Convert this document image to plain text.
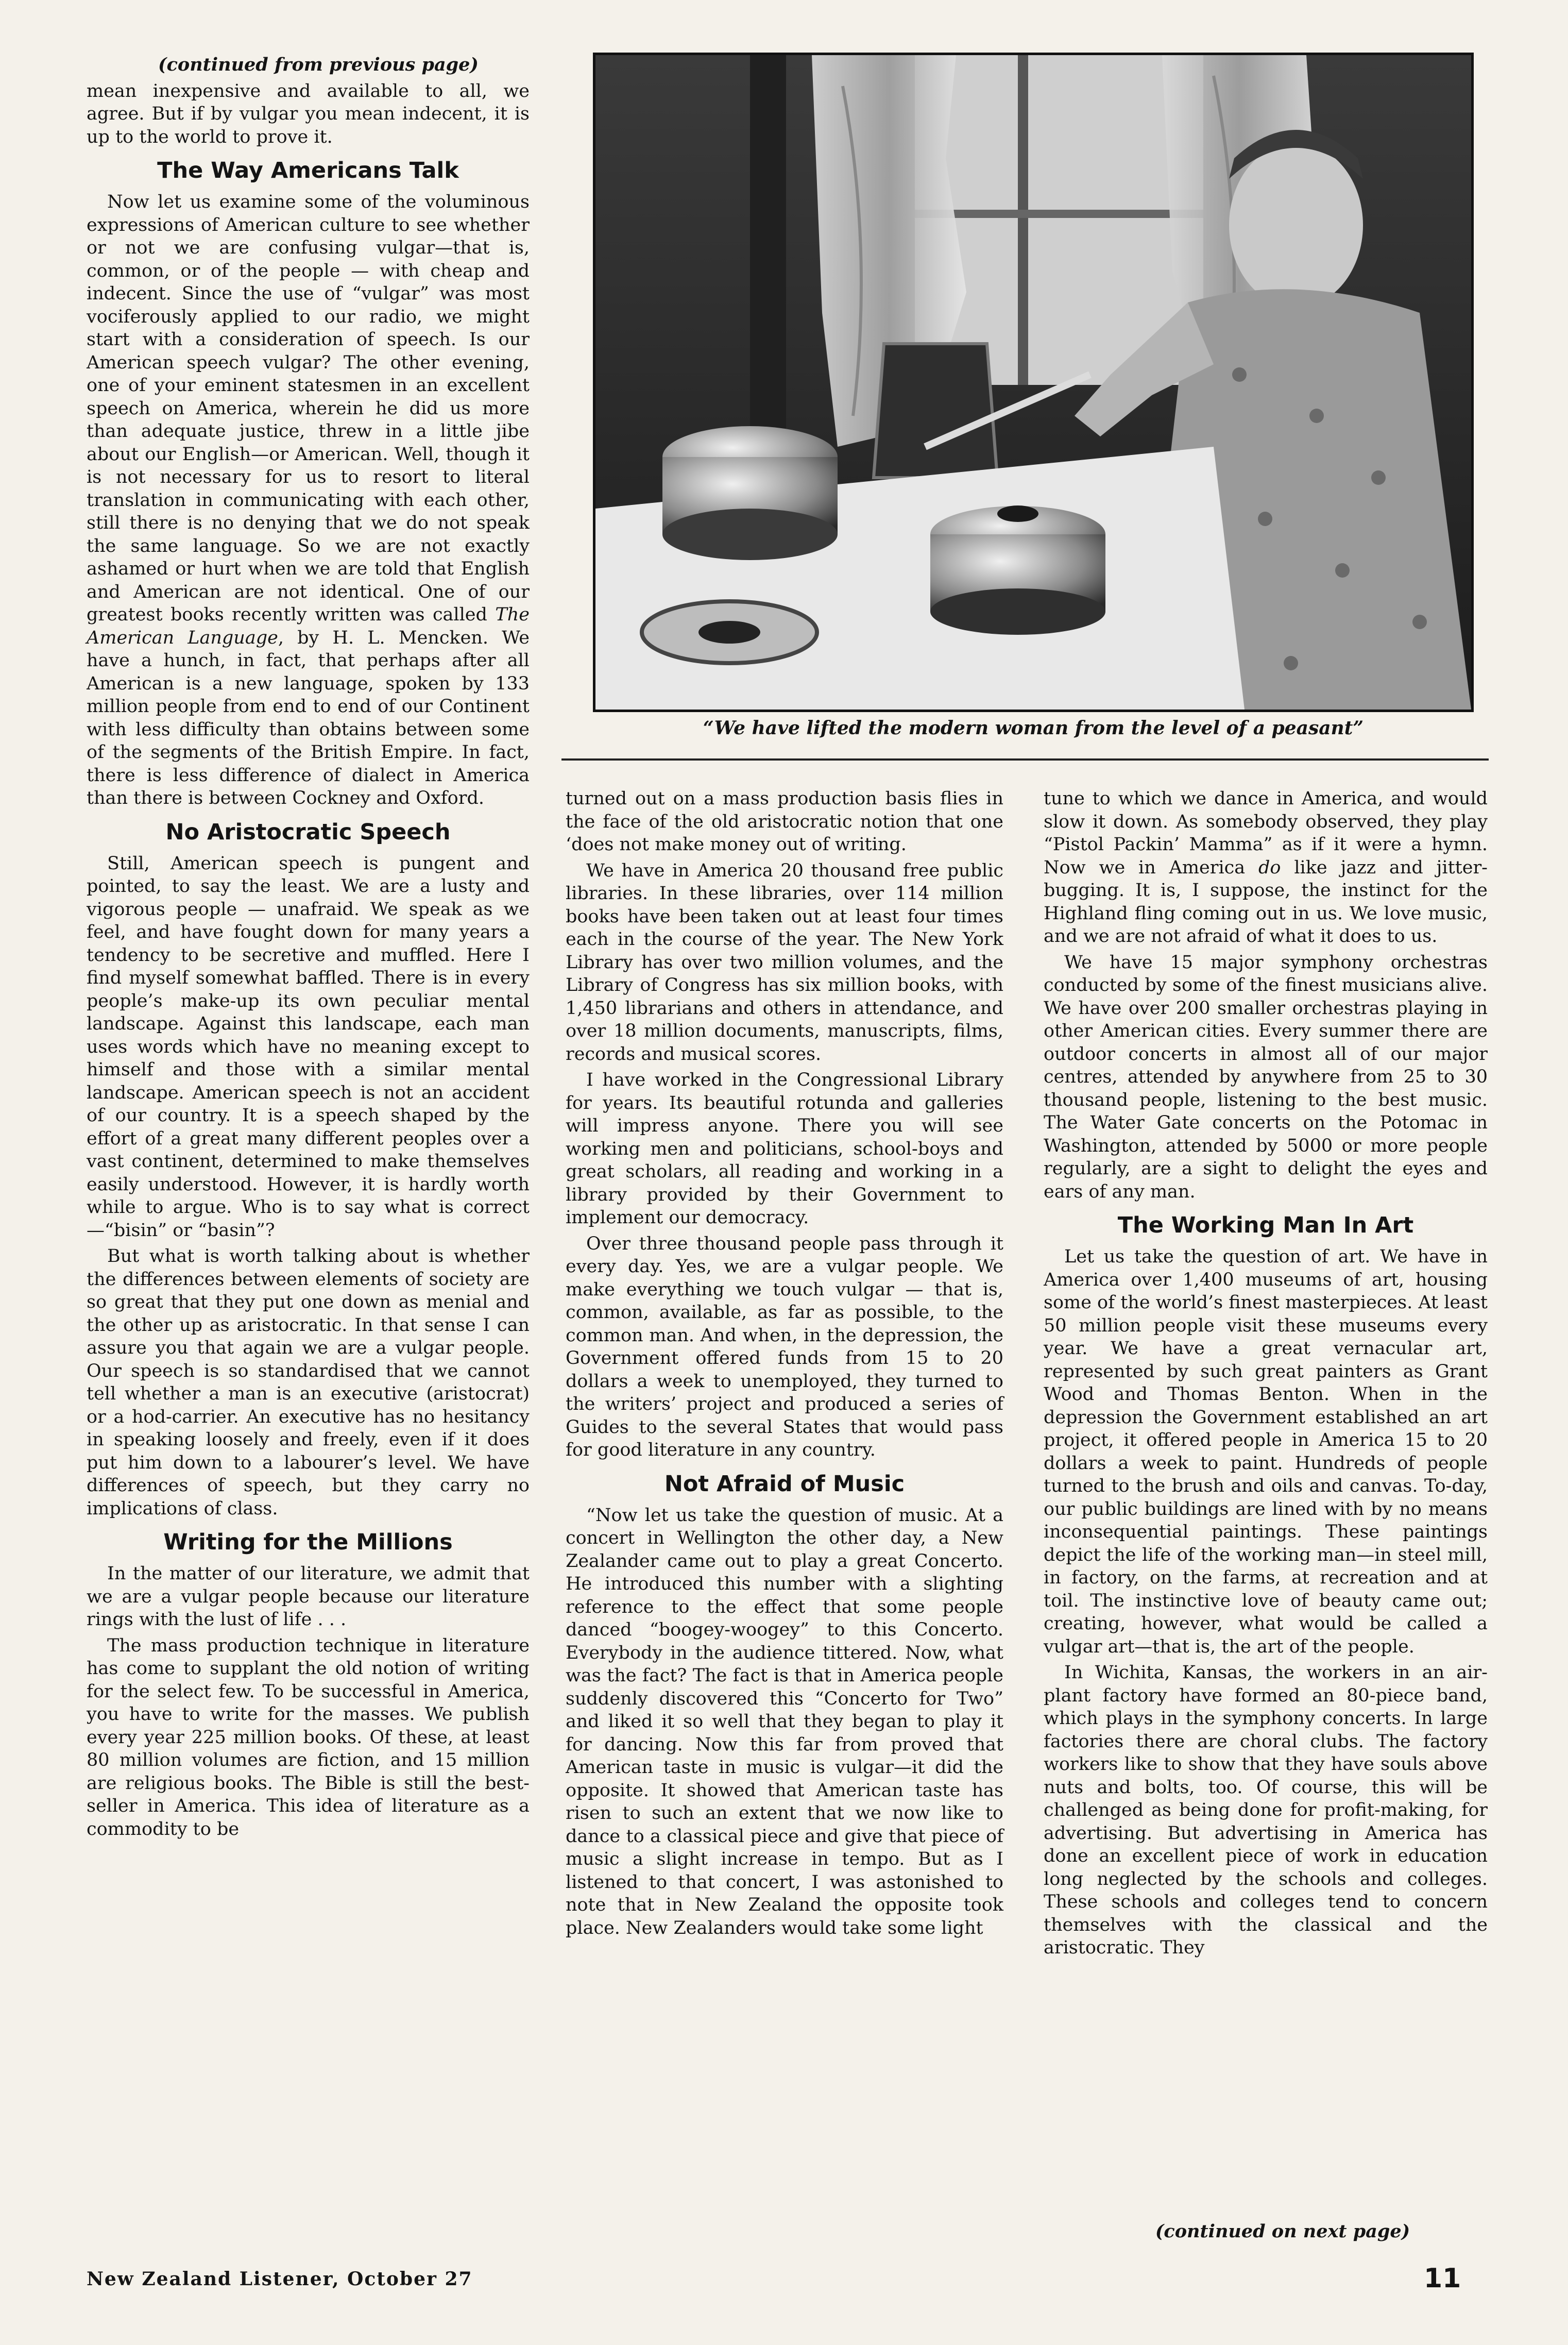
(continued from previous page)

mean inexpensive and available to all, we agree. But if by vulgar you mean indecent, it is up to the world to prove it.

The Way Americans Talk

Now let us examine some of the voluminous expressions of American culture to see whether or not we are confusing vulgar—that is, common, or of the people — with cheap and indecent. Since the use of “vulgar” was most vociferously applied to our radio, we might start with a consideration of speech. Is our American speech vulgar? The other evening, one of your eminent statesmen in an excellent speech on America, wherein he did us more than adequate justice, threw in a little jibe about our English—or American. Well, though it is not necessary for us to resort to literal translation in communicating with each other, still there is no denying that we do not speak the same language. So we are not exactly ashamed or hurt when we are told that English and American are not identical. One of our greatest books recently written was called The American Language, by H. L. Mencken. We have a hunch, in fact, that perhaps after all American is a new language, spoken by 133 million people from end to end of our Continent with less difficulty than obtains between some of the segments of the British Empire. In fact, there is less difference of dialect in America than there is between Cockney and Oxford.

No Aristocratic Speech

Still, American speech is pungent and pointed, to say the least. We are a lusty and vigorous people — unafraid. We speak as we feel, and have fought down for many years a tendency to be secretive and muffled. Here I find myself somewhat baffled. There is in every people’s make-up its own peculiar mental landscape. Against this landscape, each man uses words which have no meaning except to himself and those with a similar mental landscape. American speech is not an accident of our country. It is a speech shaped by the effort of a great many different peoples over a vast continent, determined to make themselves easily understood. However, it is hardly worth while to argue. Who is to say what is correct—“bisin” or “basin”?

But what is worth talking about is whether the differences between elements of society are so great that they put one down as menial and the other up as aristocratic. In that sense I can assure you that again we are a vulgar people. Our speech is so standardised that we cannot tell whether a man is an executive (aristocrat) or a hod-carrier. An executive has no hesitancy in speaking loosely and freely, even if it does put him down to a labourer’s level. We have differences of speech, but they carry no implications of class.

Writing for the Millions

In the matter of our literature, we admit that we are a vulgar people because our literature rings with the lust of life . . .

The mass production technique in literature has come to supplant the old notion of writing for the select few. To be successful in America, you have to write for the masses. We publish every year 225 million books. Of these, at least 80 million volumes are fiction, and 15 million are religious books. The Bible is still the best-seller in America. This idea of literature as a commodity to be

“We have lifted the modern woman from the level of a peasant”

turned out on a mass production basis flies in the face of the old aristocratic notion that one ‘does not make money out of writing.

We have in America 20 thousand free public libraries. In these libraries, over 114 million books have been taken out at least four times each in the course of the year. The New York Library has over two million volumes, and the Library of Congress has six million books, with 1,450 librarians and others in attendance, and over 18 million documents, manuscripts, films, records and musical scores.

I have worked in the Congressional Library for years. Its beautiful rotunda and galleries will impress anyone. There you will see working men and politicians, school-boys and great scholars, all reading and working in a library provided by their Government to implement our democracy.

Over three thousand people pass through it every day. Yes, we are a vulgar people. We make everything we touch vulgar — that is, common, available, as far as possible, to the common man. And when, in the depression, the Government offered funds from 15 to 20 dollars a week to unemployed, they turned to the writers’ project and produced a series of Guides to the several States that would pass for good literature in any country.

Not Afraid of Music

“Now let us take the question of music. At a concert in Wellington the other day, a New Zealander came out to play a great Concerto. He introduced this number with a slighting reference to the effect that some people danced “boogey-woogey” to this Concerto. Everybody in the audience tittered. Now, what was the fact? The fact is that in America people suddenly discovered this “Concerto for Two” and liked it so well that they began to play it for dancing. Now this far from proved that American taste in music is vulgar—it did the opposite. It showed that American taste has risen to such an extent that we now like to dance to a classical piece and give that piece of music a slight increase in tempo. But as I listened to that concert, I was astonished to note that in New Zealand the opposite took place. New Zealanders would take some light

tune to which we dance in America, and would slow it down. As somebody observed, they play “Pistol Packin’ Mamma” as if it were a hymn. Now we in America do like jazz and jitter-bugging. It is, I suppose, the instinct for the Highland fling coming out in us. We love music, and we are not afraid of what it does to us.

We have 15 major symphony orchestras conducted by some of the finest musicians alive. We have over 200 smaller orchestras playing in other American cities. Every summer there are outdoor concerts in almost all of our major centres, attended by anywhere from 25 to 30 thousand people, listening to the best music. The Water Gate concerts on the Potomac in Washington, attended by 5000 or more people regularly, are a sight to delight the eyes and ears of any man.

The Working Man In Art

Let us take the question of art. We have in America over 1,400 museums of art, housing some of the world’s finest masterpieces. At least 50 million people visit these museums every year. We have a great vernacular art, represented by such great painters as Grant Wood and Thomas Benton. When in the depression the Government established an art project, it offered people in America 15 to 20 dollars a week to paint. Hundreds of people turned to the brush and oils and canvas. To-day, our public buildings are lined with by no means inconsequential paintings. These paintings depict the life of the working man—in steel mill, in factory, on the farms, at recreation and at toil. The instinctive love of beauty came out; creating, however, what would be called a vulgar art—that is, the art of the people.

In Wichita, Kansas, the workers in an air-plant factory have formed an 80-piece band, which plays in the symphony concerts. In large factories there are choral clubs. The factory workers like to show that they have souls above nuts and bolts, too. Of course, this will be challenged as being done for profit-making, for advertising. But advertising in America has done an excellent piece of work in education long neglected by the schools and colleges. These schools and colleges tend to concern themselves with the classical and the aristocratic. They

(continued on next page)
New Zealand Listener, October 27	11
